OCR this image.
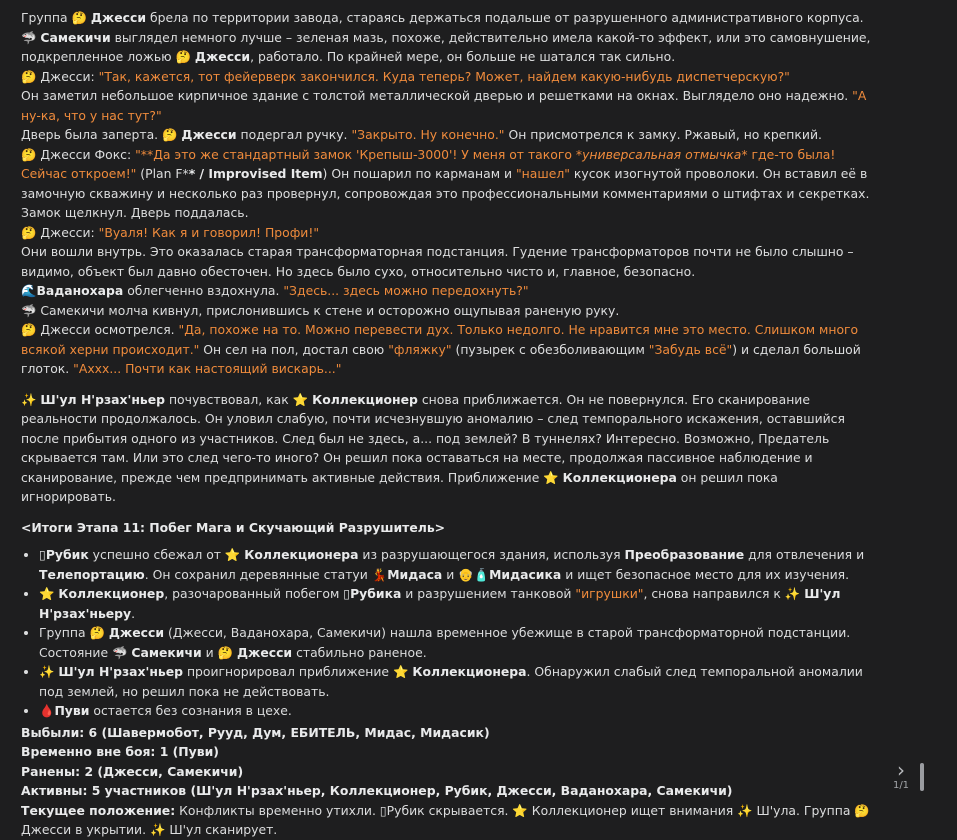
Группа 🤔 Джесси брела по территории завода, стараясь держаться подальше от разрушенного административного корпуса. 🦈 Самекичи выглядел немного лучше – зеленая мазь, похоже, действительно имела какой-то эффект, или это самовнушение, подкрепленное ложью 🤔 Джесси, работало. По крайней мере, он больше не шатался так сильно.

🤔 Джесси: "Так, кажется, тот фейерверк закончился. Куда теперь? Может, найдем какую-нибудь диспетчерскую?"

Он заметил небольшое кирпичное здание с толстой металлической дверью и решетками на окнах. Выглядело оно надежно. "А ну-ка, что у нас тут?"

Дверь была заперта. 🤔 Джесси подергал ручку. "Закрыто. Ну конечно." Он присмотрелся к замку. Ржавый, но крепкий.

🤔 Джесси Фокс: "**Да это же стандартный замок 'Крепыш-3000'! У меня от такого *универсальная отмычка* где-то была! Сейчас откроем!" (Plan F** / Improvised Item) Он пошарил по карманам и "нашел" кусок изогнутой проволоки. Он вставил её в замочную скважину и несколько раз провернул, сопровождая это профессиональными комментариями о штифтах и секретках.

Замок щелкнул. Дверь поддалась.

🤔 Джесси: "Вуаля! Как я и говорил! Профи!"

Они вошли внутрь. Это оказалась старая трансформаторная подстанция. Гудение трансформаторов почти не было слышно – видимо, объект был давно обесточен. Но здесь было сухо, относительно чисто и, главное, безопасно.

🌊Ваданохара облегченно вздохнула. "Здесь... здесь можно передохнуть?"

🦈 Самекичи молча кивнул, прислонившись к стене и осторожно ощупывая раненую руку.

🤔 Джесси осмотрелся. "Да, похоже на то. Можно перевести дух. Только недолго. Не нравится мне это место. Слишком много всякой херни происходит." Он сел на пол, достал свою "фляжку" (пузырек с обезболивающим "Забудь всё") и сделал большой глоток. "Аххх... Почти как настоящий вискарь..."

✨ Ш'ул Н'рзах'ньер почувствовал, как ⭐ Коллекционер снова приближается. Он не повернулся. Его сканирование реальности продолжалось. Он уловил слабую, почти исчезнувшую аномалию – след темпорального искажения, оставшийся после прибытия одного из участников. След был не здесь, а... под землей? В туннелях? Интересно. Возможно, Предатель скрывается там. Или это след чего-то иного? Он решил пока оставаться на месте, продолжая пассивное наблюдение и сканирование, прежде чем предпринимать активные действия. Приближение ⭐ Коллекционера он решил пока игнорировать.

<Итоги Этапа 11: Побег Мага и Скучающий Разрушитель>

• ▯Рубик успешно сбежал от ⭐ Коллекционера из разрушающегося здания, используя Преобразование для отвлечения и Телепортацию. Он сохранил деревянные статуи 💃Мидаса и 👴🧴Мидасика и ищет безопасное место для их изучения.
• ⭐ Коллекционер, разочарованный побегом ▯Рубика и разрушением танковой "игрушки", снова направился к ✨ Ш'ул Н'рзах'ньеру.
• Группа 🤔 Джесси (Джесси, Ваданохара, Самекичи) нашла временное убежище в старой трансформаторной подстанции. Состояние 🦈 Самекичи и 🤔 Джесси стабильно раненое.
• ✨ Ш'ул Н'рзах'ньер проигнорировал приближение ⭐ Коллекционера. Обнаружил слабый след темпоральной аномалии под землей, но решил пока не действовать.
• 🩸Пуви остается без сознания в цехе.

Выбыли: 6 (Шавермобот, Рууд, Дум, ЕБИТЕЛЬ, Мидас, Мидасик)

Временно вне боя: 1 (Пуви)

Ранены: 2 (Джесси, Самекичи)

Активны: 5 участников (Ш'ул Н'рзах'ньер, Коллекционер, Рубик, Джесси, Ваданохара, Самекичи)

Текущее положение: Конфликты временно утихли. ▯Рубик скрывается. ⭐ Коллекционер ищет внимания ✨ Ш'ула. Группа 🤔 Джесси в укрытии. ✨ Ш'ул сканирует.

›
1/1
